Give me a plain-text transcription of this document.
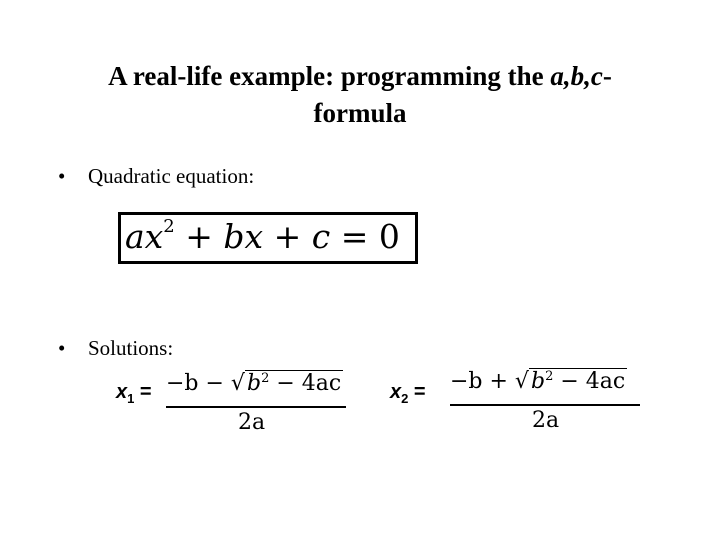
A real-life example: programming the a,b,c-
formula
• Quadratic equation:
$ax^2$ + bx + c = 0
• Solutions:
$x_1 = -b - √b^2 - 4ac$
2a
$x_2 = -b + √b^2 - 4ac$
2a
